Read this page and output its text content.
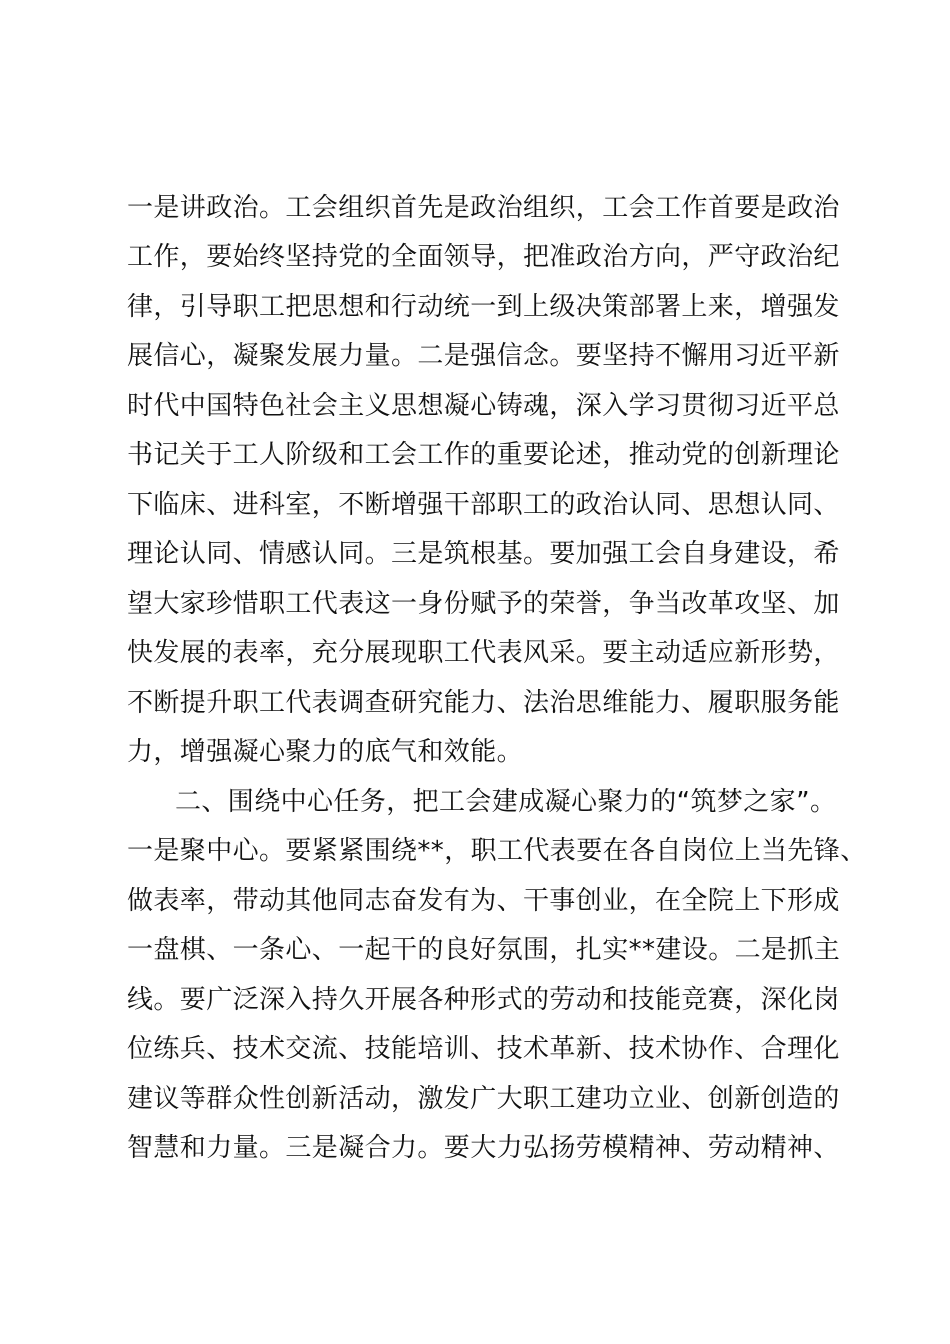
一是讲政治。工会组织首先是政治组织，工会工作首要是政治
工作，要始终坚持党的全面领导，把准政治方向，严守政治纪
律，引导职工把思想和行动统一到上级决策部署上来，增强发
展信心，凝聚发展力量。二是强信念。要坚持不懈用习近平新
时代中国特色社会主义思想凝心铸魂，深入学习贯彻习近平总
书记关于工人阶级和工会工作的重要论述，推动党的创新理论
下临床、进科室，不断增强干部职工的政治认同、思想认同、
理论认同、情感认同。三是筑根基。要加强工会自身建设，希
望大家珍惜职工代表这一身份赋予的荣誉，争当改革攻坚、加
快发展的表率，充分展现职工代表风采。要主动适应新形势，
不断提升职工代表调查研究能力、法治思维能力、履职服务能
力，增强凝心聚力的底气和效能。
二、围绕中心任务，把工会建成凝心聚力的“筑梦之家”。
一是聚中心。要紧紧围绕**，职工代表要在各自岗位上当先锋、
做表率，带动其他同志奋发有为、干事创业，在全院上下形成
一盘棋、一条心、一起干的良好氛围，扎实**建设。二是抓主
线。要广泛深入持久开展各种形式的劳动和技能竞赛，深化岗
位练兵、技术交流、技能培训、技术革新、技术协作、合理化
建议等群众性创新活动，激发广大职工建功立业、创新创造的
智慧和力量。三是凝合力。要大力弘扬劳模精神、劳动精神、
